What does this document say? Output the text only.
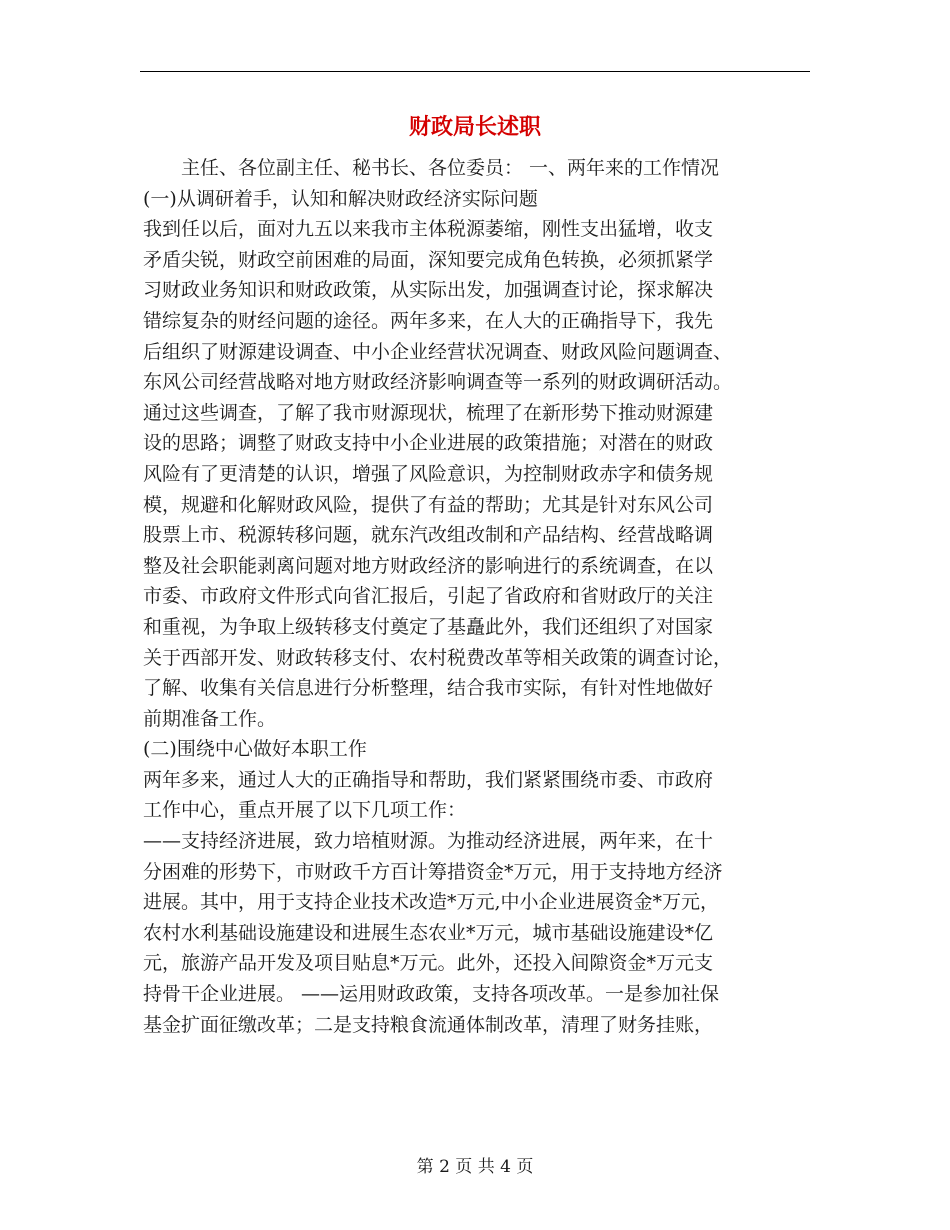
财政局长述职
主任、各位副主任、秘书长、各位委员： 一、两年来的工作情况
(一)从调研着手，认知和解决财政经济实际问题
我到任以后，面对九五以来我市主体税源萎缩，刚性支出猛增，收支
矛盾尖锐，财政空前困难的局面，深知要完成角色转换，必须抓紧学
习财政业务知识和财政政策，从实际出发，加强调查讨论，探求解决
错综复杂的财经问题的途径。两年多来，在人大的正确指导下，我先
后组织了财源建设调查、中小企业经营状况调查、财政风险问题调查、
东风公司经营战略对地方财政经济影响调查等一系列的财政调研活动。
通过这些调查，了解了我市财源现状，梳理了在新形势下推动财源建
设的思路；调整了财政支持中小企业进展的政策措施；对潜在的财政
风险有了更清楚的认识，增强了风险意识，为控制财政赤字和债务规
模，规避和化解财政风险，提供了有益的帮助；尤其是针对东风公司
股票上市、税源转移问题，就东汽改组改制和产品结构、经营战略调
整及社会职能剥离问题对地方财政经济的影响进行的系统调查，在以
市委、市政府文件形式向省汇报后，引起了省政府和省财政厅的关注
和重视，为争取上级转移支付奠定了基矗此外，我们还组织了对国家
关于西部开发、财政转移支付、农村税费改革等相关政策的调查讨论，
了解、收集有关信息进行分析整理，结合我市实际，有针对性地做好
前期准备工作。
(二)围绕中心做好本职工作
两年多来，通过人大的正确指导和帮助，我们紧紧围绕市委、市政府
工作中心，重点开展了以下几项工作：
——支持经济进展，致力培植财源。为推动经济进展，两年来，在十
分困难的形势下，市财政千方百计筹措资金*万元，用于支持地方经济
进展。其中，用于支持企业技术改造*万元,中小企业进展资金*万元，
农村水利基础设施建设和进展生态农业*万元，城市基础设施建设*亿
元，旅游产品开发及项目贴息*万元。此外，还投入间隙资金*万元支
持骨干企业进展。 ——运用财政政策，支持各项改革。一是参加社保
基金扩面征缴改革；二是支持粮食流通体制改革，清理了财务挂账，
第 2 页 共 4 页
